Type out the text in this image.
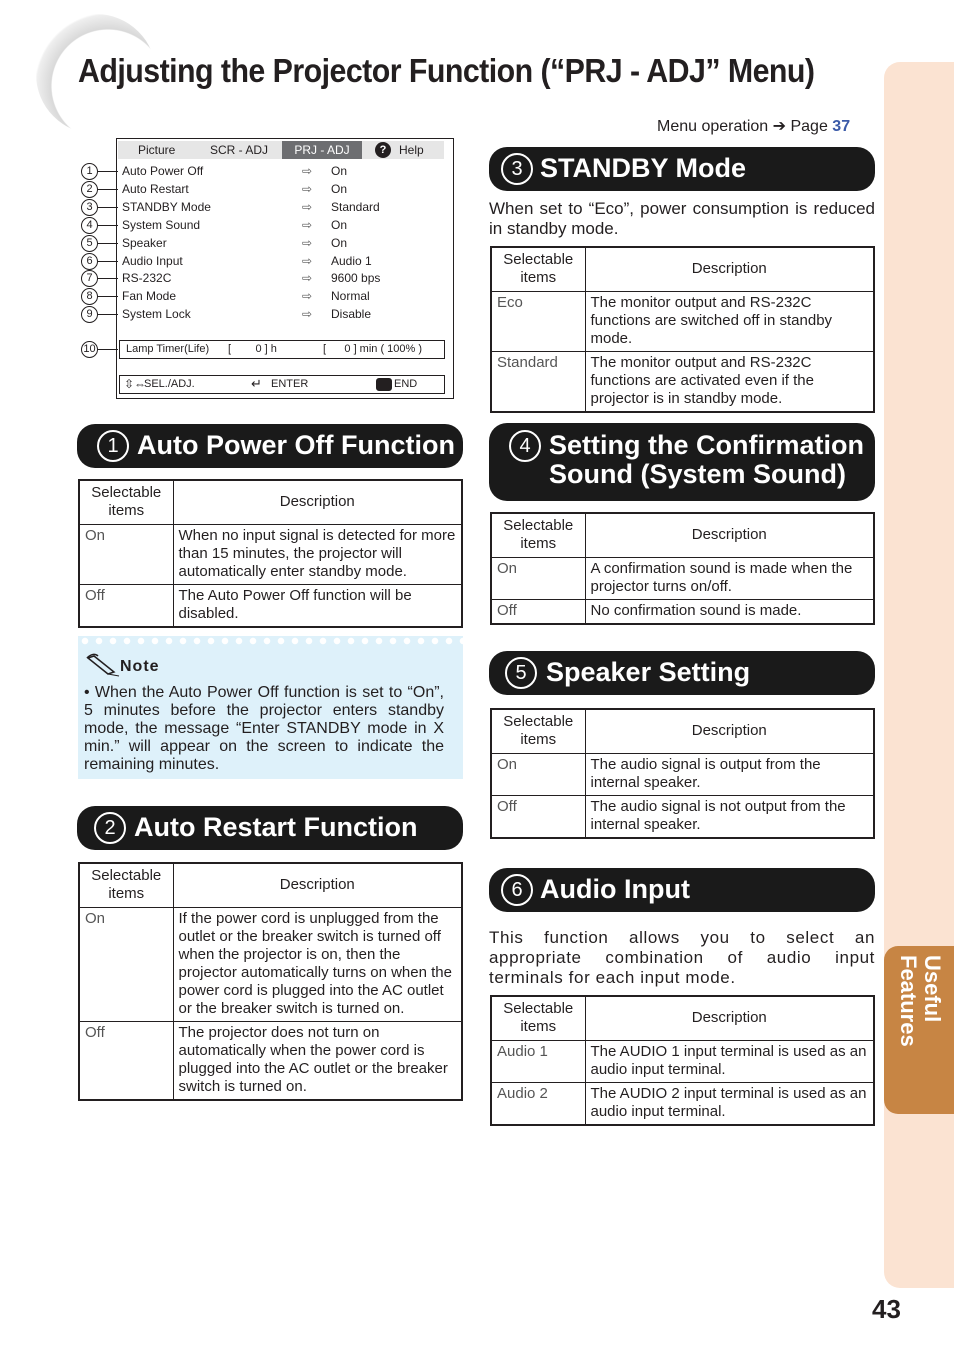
Adjusting the Projector Function (“PRJ - ADJ” Menu)
Menu operation ➔ Page 37
Useful Features
43
Picture	SCR - ADJ	PRJ - ADJ	?	Help
1	Auto Power Off	⇨ On
2	Auto Restart	⇨ On
3	STANDBY Mode	⇨ Standard
4	System Sound	⇨ On
5	Speaker	⇨ On
6	Audio Input	⇨ Audio 1
7	RS-232C	⇨ 9600 bps
8	Fan Mode	⇨ Normal
9	System Lock	⇨ Disable
10	Lamp Timer(Life) [        0 ] h	[      0 ] min ( 100% )
⇳⇔
SEL./ADJ.	↵ ENTER	END
1 Auto Power Off Function
Selectable items	Description
On	When no input signal is detected for more than 15 minutes, the projector will automatically enter standby mode.
Off	The Auto Power Off function will be disabled.
Note
• When the Auto Power Off function is set to “On”, 5 minutes before the projector enters standby mode, the message “Enter STANDBY mode in X min.” will appear on the screen to indicate the remaining minutes.
2 Auto Restart Function
Selectable items	Description
On	If the power cord is unplugged from the outlet or the breaker switch is turned off when the projector is on, then the projector automatically turns on when the power cord is plugged into the AC outlet or the breaker switch is turned on.
Off	The projector does not turn on automatically when the power cord is plugged into the AC outlet or the breaker switch is turned on.
3 STANDBY Mode
When set to “Eco”, power consumption is reduced in standby mode.
Selectable items	Description
Eco	The monitor output and RS-232C functions are switched off in standby mode.
Standard	The monitor output and RS-232C functions are activated even if the projector is in standby mode.
4 Setting the Confirmation
Sound (System Sound)
Selectable items	Description
On	A confirmation sound is made when the projector turns on/off.
Off	No confirmation sound is made.
5 Speaker Setting
Selectable items	Description
On	The audio signal is output from the internal speaker.
Off	The audio signal is not output from the internal speaker.
6 Audio Input
This function allows you to select an appropriate combination of audio input terminals for each input mode.
Selectable items	Description
Audio 1	The AUDIO 1 input terminal is used as an audio input terminal.
Audio 2	The AUDIO 2 input terminal is used as an audio input terminal.
